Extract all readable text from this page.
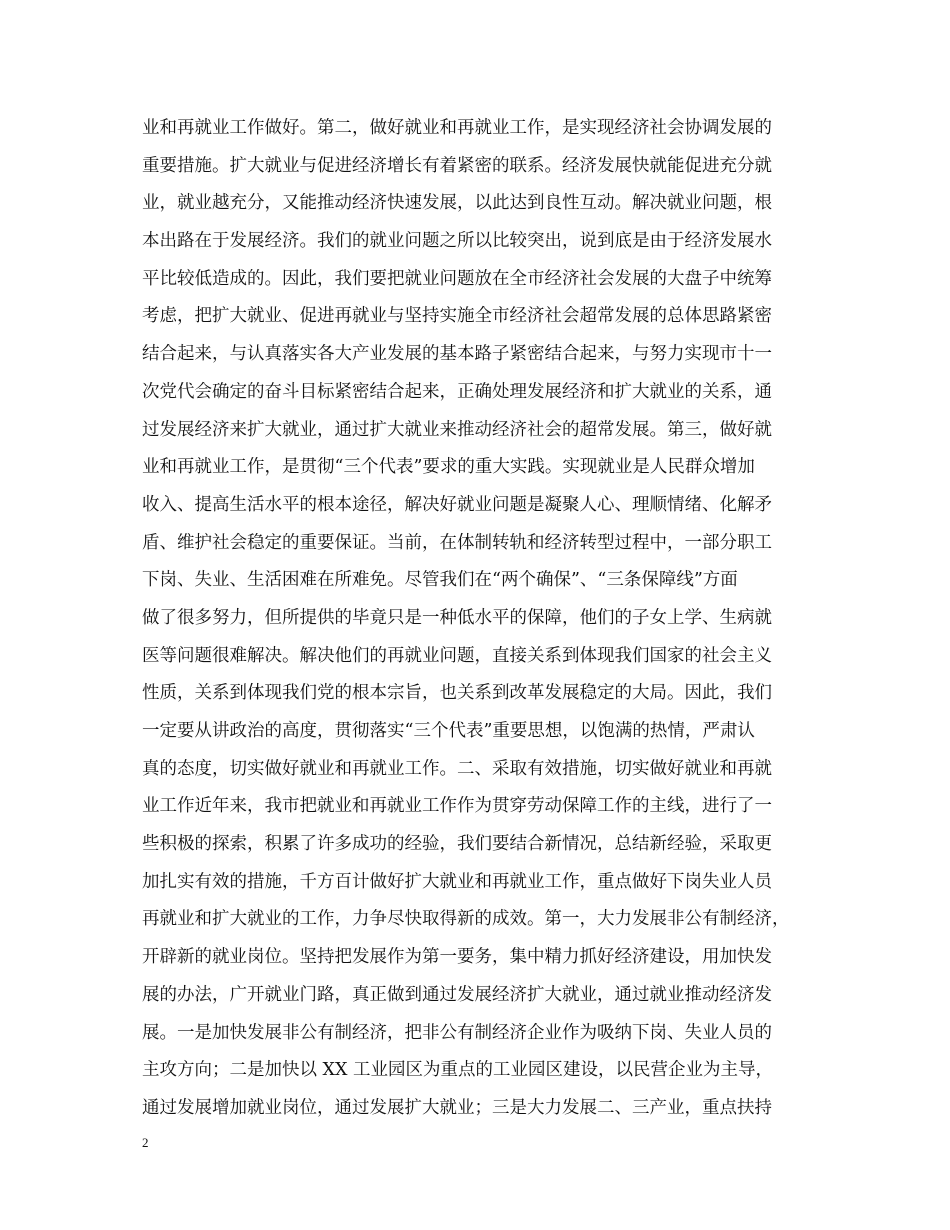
业和再就业工作做好。第二，做好就业和再就业工作，是实现经济社会协调发展的
重要措施。扩大就业与促进经济增长有着紧密的联系。经济发展快就能促进充分就
业，就业越充分，又能推动经济快速发展，以此达到良性互动。解决就业问题，根
本出路在于发展经济。我们的就业问题之所以比较突出，说到底是由于经济发展水
平比较低造成的。因此，我们要把就业问题放在全市经济社会发展的大盘子中统筹
考虑，把扩大就业、促进再就业与坚持实施全市经济社会超常发展的总体思路紧密
结合起来，与认真落实各大产业发展的基本路子紧密结合起来，与努力实现市十一
次党代会确定的奋斗目标紧密结合起来，正确处理发展经济和扩大就业的关系，通
过发展经济来扩大就业，通过扩大就业来推动经济社会的超常发展。第三，做好就
业和再就业工作，是贯彻“三个代表”要求的重大实践。实现就业是人民群众增加
收入、提高生活水平的根本途径，解决好就业问题是凝聚人心、理顺情绪、化解矛
盾、维护社会稳定的重要保证。当前，在体制转轨和经济转型过程中，一部分职工
下岗、失业、生活困难在所难免。尽管我们在“两个确保”、“三条保障线”方面
做了很多努力，但所提供的毕竟只是一种低水平的保障，他们的子女上学、生病就
医等问题很难解决。解决他们的再就业问题，直接关系到体现我们国家的社会主义
性质，关系到体现我们党的根本宗旨，也关系到改革发展稳定的大局。因此，我们
一定要从讲政治的高度，贯彻落实“三个代表”重要思想，以饱满的热情，严肃认
真的态度，切实做好就业和再就业工作。二、采取有效措施，切实做好就业和再就
业工作近年来，我市把就业和再就业工作作为贯穿劳动保障工作的主线，进行了一
些积极的探索，积累了许多成功的经验，我们要结合新情况，总结新经验，采取更
加扎实有效的措施，千方百计做好扩大就业和再就业工作，重点做好下岗失业人员
再就业和扩大就业的工作，力争尽快取得新的成效。第一，大力发展非公有制经济，
开辟新的就业岗位。坚持把发展作为第一要务，集中精力抓好经济建设，用加快发
展的办法，广开就业门路，真正做到通过发展经济扩大就业，通过就业推动经济发
展。一是加快发展非公有制经济，把非公有制经济企业作为吸纳下岗、失业人员的
主攻方向；二是加快以 XX 工业园区为重点的工业园区建设，以民营企业为主导，
通过发展增加就业岗位，通过发展扩大就业；三是大力发展二、三产业，重点扶持
2
